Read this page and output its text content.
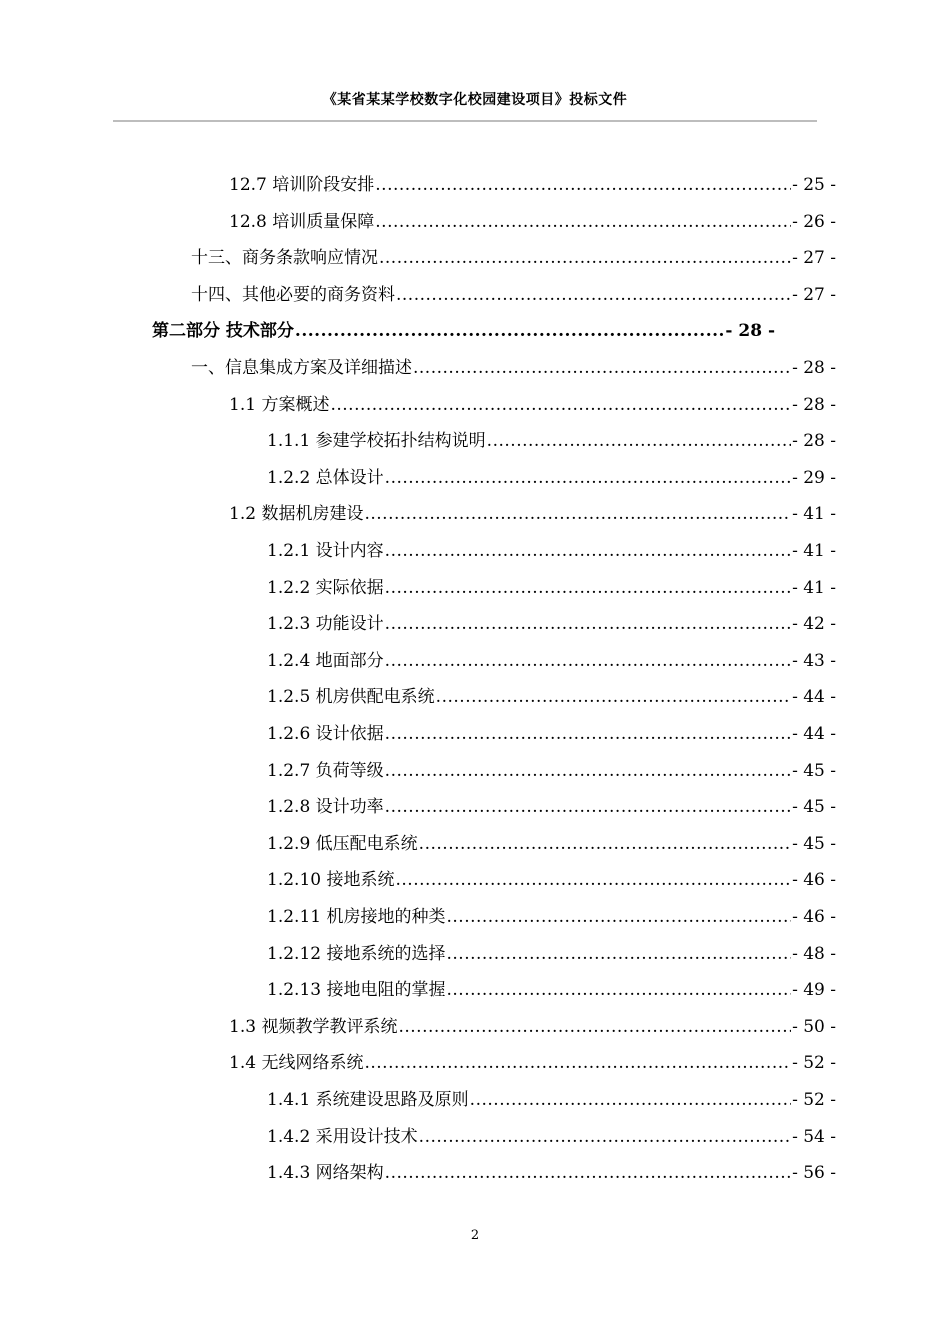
《某省某某学校数字化校园建设项目》投标文件
12.7 培训阶段安排 .....	- 25 -
12.8 培训质量保障 .....	- 26 -
十三、商务条款响应情况 .....	- 27 -
十四、其他必要的商务资料 .....	- 27 -
第二部分 技术部分 .....	- 28 -
一、信息集成方案及详细描述 .....	- 28 -
1.1 方案概述 .....	- 28 -
1.1.1 参建学校拓扑结构说明 .....	- 28 -
1.2.2 总体设计 .....	- 29 -
1.2 数据机房建设 .....	- 41 -
1.2.1 设计内容 .....	- 41 -
1.2.2 实际依据 .....	- 41 -
1.2.3 功能设计 .....	- 42 -
1.2.4 地面部分 .....	- 43 -
1.2.5 机房供配电系统 .....	- 44 -
1.2.6 设计依据 .....	- 44 -
1.2.7 负荷等级 .....	- 45 -
1.2.8 设计功率 .....	- 45 -
1.2.9 低压配电系统 .....	- 45 -
1.2.10 接地系统 .....	- 46 -
1.2.11 机房接地的种类 .....	- 46 -
1.2.12 接地系统的选择 .....	- 48 -
1.2.13 接地电阻的掌握 .....	- 49 -
1.3 视频教学教评系统 .....	- 50 -
1.4 无线网络系统 .....	- 52 -
1.4.1 系统建设思路及原则 .....	- 52 -
1.4.2 采用设计技术 .....	- 54 -
1.4.3 网络架构 .....	- 56 -
2
